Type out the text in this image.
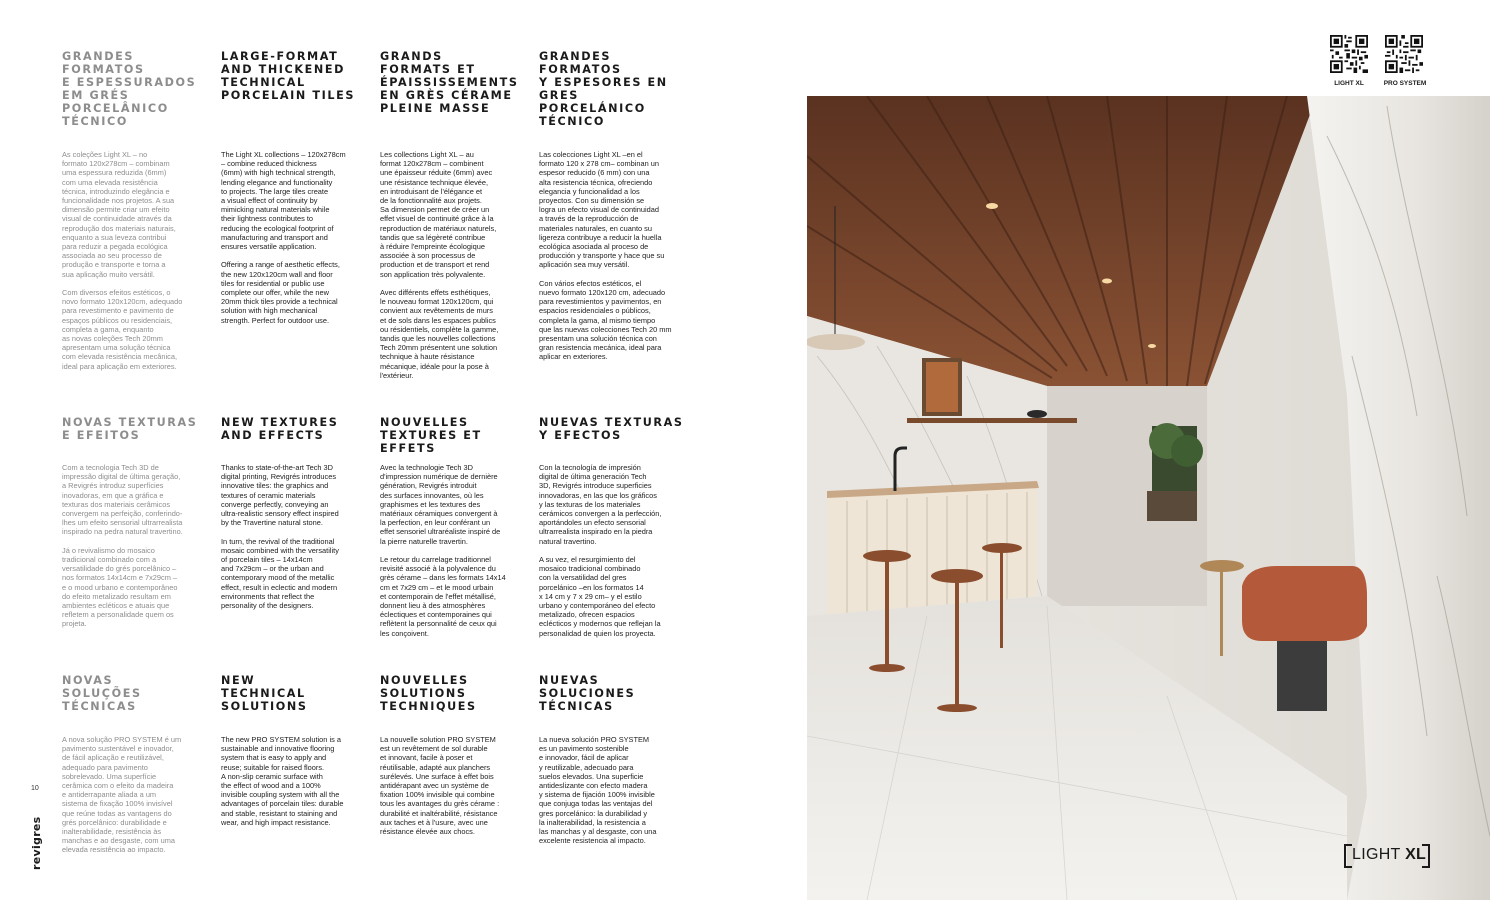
GRANDES
FORMATOS
E ESPESSURADOS
EM GRÉS
PORCELÂNICO
TÉCNICO
As coleções Light XL – no
formato 120x278cm – combinam
uma espessura reduzida (6mm)
com uma elevada resistência
técnica, introduzindo elegância e
funcionalidade nos projetos. A sua
dimensão permite criar um efeito
visual de continuidade através da
reprodução dos materiais naturais,
enquanto a sua leveza contribui
para reduzir a pegada ecológica
associada ao seu processo de
produção e transporte e torna a
sua aplicação muito versátil.

Com diversos efeitos estéticos, o
novo formato 120x120cm, adequado
para revestimento e pavimento de
espaços públicos ou residenciais,
completa a gama, enquanto
as novas coleções Tech 20mm
apresentam uma solução técnica
com elevada resistência mecânica,
ideal para aplicação em exteriores.
NOVAS TEXTURAS
E EFEITOS
Com a tecnologia Tech 3D de
impressão digital de última geração,
a Revigrés introduz superfícies
inovadoras, em que a gráfica e
texturas dos materiais cerâmicos
convergem na perfeição, conferindo-
lhes um efeito sensorial ultrarrealista
inspirado na pedra natural travertino.

Já o revivalismo do mosaico
tradicional combinado com a
versatilidade do grés porcelânico –
nos formatos 14x14cm e 7x29cm –
e o mood urbano e contemporâneo
do efeito metalizado resultam em
ambientes ecléticos e atuais que
refletem a personalidade quem os
projeta.
NOVAS
SOLUÇÕES
TÉCNICAS
A nova solução PRO SYSTEM é um
pavimento sustentável e inovador,
de fácil aplicação e reutilizável,
adequado para pavimento
sobrelevado. Uma superfície
cerâmica com o efeito da madeira
e antiderrapante aliada a um
sistema de fixação 100% invisível
que reúne todas as vantagens do
grés porcelânico: durabilidade e
inalterabilidade, resistência às
manchas e ao desgaste, com uma
elevada resistência ao impacto.
LARGE-FORMAT
AND THICKENED
TECHNICAL
PORCELAIN TILES
The Light XL collections – 120x278cm
– combine reduced thickness
(6mm) with high technical strength,
lending elegance and functionality
to projects. The large tiles create
a visual effect of continuity by
mimicking natural materials while
their lightness contributes to
reducing the ecological footprint of
manufacturing and transport and
ensures versatile application.

Offering a range of aesthetic effects,
the new 120x120cm wall and floor
tiles for residential or public use
complete our offer, while the new
20mm thick tiles provide a technical
solution with high mechanical
strength. Perfect for outdoor use.
NEW TEXTURES
AND EFFECTS
Thanks to state-of-the-art Tech 3D
digital printing, Revigrés introduces
innovative tiles: the graphics and
textures of ceramic materials
converge perfectly, conveying an
ultra-realistic sensory effect inspired
by the Travertine natural stone.

In turn, the revival of the traditional
mosaic combined with the versatility
of porcelain tiles – 14x14cm
and 7x29cm – or the urban and
contemporary mood of the metallic
effect, result in eclectic and modern
environments that reflect the
personality of the designers.
NEW
TECHNICAL
SOLUTIONS
The new PRO SYSTEM solution is a
sustainable and innovative flooring
system that is easy to apply and
reuse; suitable for raised floors.
A non-slip ceramic surface with
the effect of wood and a 100%
invisible coupling system with all the
advantages of porcelain tiles: durable
and stable, resistant to staining and
wear, and high impact resistance.
GRANDS
FORMATS ET
ÉPAISSISSEMENTS
EN GRÈS CÉRAME
PLEINE MASSE
Les collections Light XL – au
format 120x278cm – combinent
une épaisseur réduite (6mm) avec
une résistance technique élevée,
en introduisant de l'élégance et
de la fonctionnalité aux projets.
Sa dimension permet de créer un
effet visuel de continuité grâce à la
reproduction de matériaux naturels,
tandis que sa légèreté contribue
à réduire l'empreinte écologique
associée à son processus de
production et de transport et rend
son application très polyvalente.

Avec différents effets esthétiques,
le nouveau format 120x120cm, qui
convient aux revêtements de murs
et de sols dans les espaces publics
ou résidentiels, complète la gamme,
tandis que les nouvelles collections
Tech 20mm présentent une solution
technique à haute résistance
mécanique, idéale pour la pose à
l'extérieur.
NOUVELLES
TEXTURES ET EFFETS
Avec la technologie Tech 3D
d'impression numérique de dernière
génération, Revigrés introduit
des surfaces innovantes, où les
graphismes et les textures des
matériaux céramiques convergent à
la perfection, en leur conférant un
effet sensoriel ultraréaliste inspiré de
la pierre naturelle travertin.

Le retour du carrelage traditionnel
revisité associé à la polyvalence du
grès cérame – dans les formats 14x14
cm et 7x29 cm – et le mood urbain
et contemporain de l'effet métallisé,
donnent lieu à des atmosphères
éclectiques et contemporaines qui
reflètent la personnalité de ceux qui
les conçoivent.
NOUVELLES
SOLUTIONS
TECHNIQUES
La nouvelle solution PRO SYSTEM
est un revêtement de sol durable
et innovant, facile à poser et
réutilisable, adapté aux planchers
surélevés. Une surface à effet bois
antidérapant avec un système de
fixation 100% invisible qui combine
tous les avantages du grès cérame :
durabilité et inaltérabilité, résistance
aux taches et à l'usure, avec une
résistance élevée aux chocs.
GRANDES FORMATOS
Y ESPESORES EN
GRES PORCELÁNICO
TÉCNICO
Las colecciones Light XL –en el
formato 120 x 278 cm– combinan un
espesor reducido (6 mm) con una
alta resistencia técnica, ofreciendo
elegancia y funcionalidad a los
proyectos. Con su dimensión se
logra un efecto visual de continuidad
a través de la reproducción de
materiales naturales, en cuanto su
ligereza contribuye a reducir la huella
ecológica asociada al proceso de
producción y transporte y hace que su
aplicación sea muy versátil.

Con vários efectos estéticos, el
nuevo formato 120x120 cm, adecuado
para revestimientos y pavimentos, en
espacios residenciales o públicos,
completa la gama, al mismo tiempo
que las nuevas colecciones Tech 20 mm
presentam una solución técnica con
gran resistencia mecánica, ideal para
aplicar en exteriores.
NUEVAS TEXTURAS
Y EFECTOS
Con la tecnología de impresión
digital de última generación Tech
3D, Revigrés introduce superficies
innovadoras, en las que los gráficos
y las texturas de los materiales
cerámicos convergen a la perfección,
aportándoles un efecto sensorial
ultrarrealista inspirado en la piedra
natural travertino.

A su vez, el resurgimiento del
mosaico tradicional combinado
con la versatilidad del gres
porcelánico –en los formatos 14
x 14 cm y 7 x 29 cm– y el estilo
urbano y contemporáneo del efecto
metalizado, ofrecen espacios
eclécticos y modernos que reflejan la
personalidad de quien los proyecta.
NUEVAS
SOLUCIONES
TÉCNICAS
La nueva solución PRO SYSTEM
es un pavimento sostenible
e innovador, fácil de aplicar
y reutilizable, adecuado para
suelos elevados. Una superficie
antideslizante con efecto madera
y sistema de fijación 100% invisible
que conjuga todas las ventajas del
gres porcelánico: la durabilidad y
la inalterabilidad, la resistencia a
las manchas y al desgaste, con una
excelente resistencia al impacto.
10
revigres
LIGHT XL	PRO SYSTEM
LIGHT XL
